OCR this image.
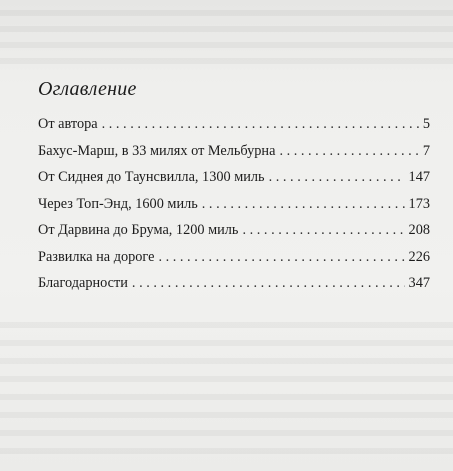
Оглавление
От автора . . .	5
Бахус-Марш, в 33 милях от Мельбурна . . .	7
От Сиднея до Таунсвилла, 1300 миль . . .	147
Через Топ-Энд, 1600 миль . . .	173
От Дарвина до Брума, 1200 миль . . .	208
Развилка на дороге . . .	226
Благодарности . . .	347
